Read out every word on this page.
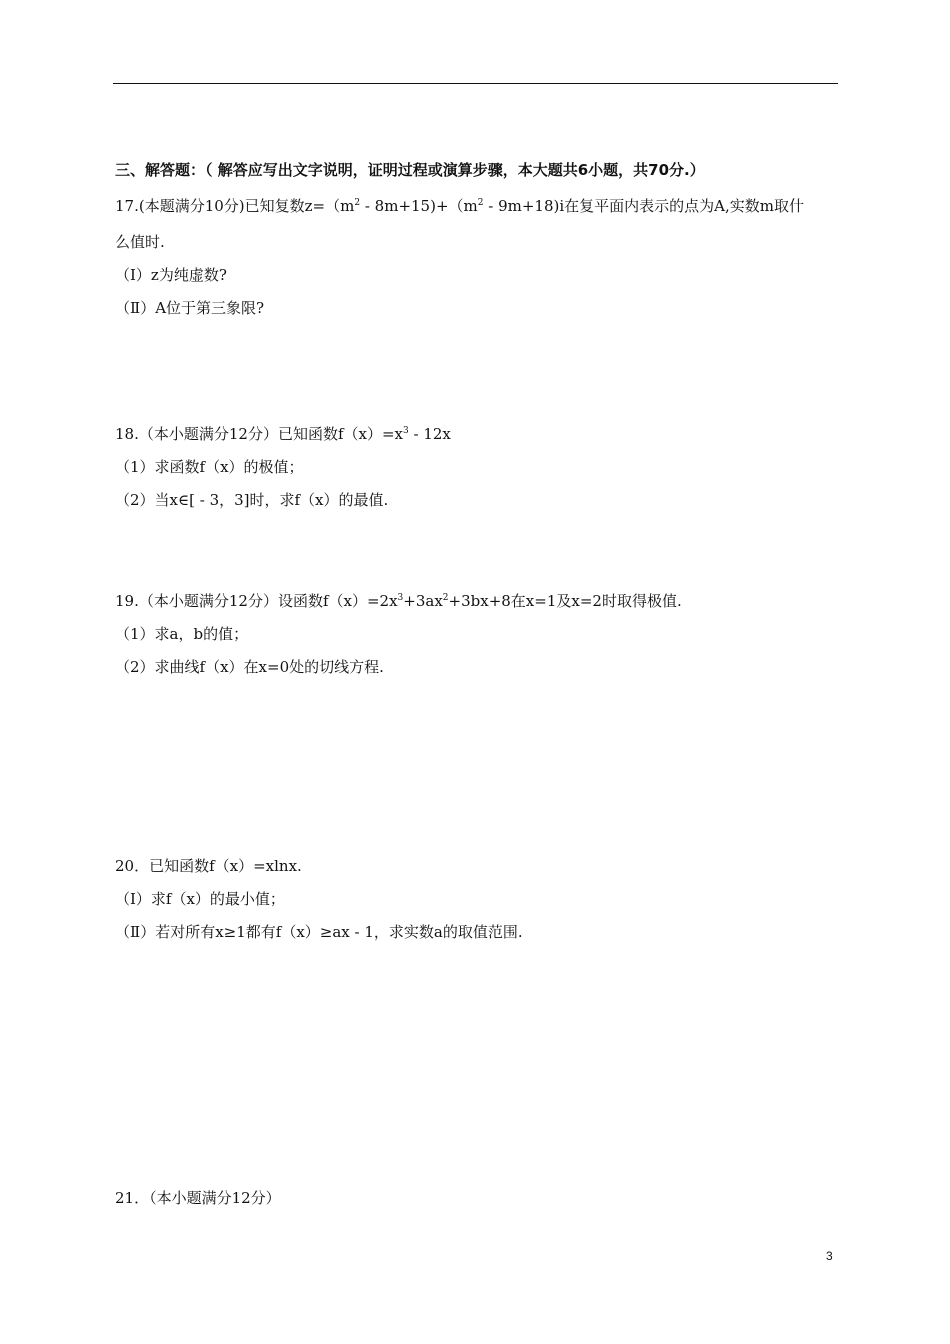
三、解答题：（ 解答应写出文字说明，证明过程或演算步骤，本大题共6小题，共70分.）
17.(本题满分10分)已知复数$z=(m^2 - 8m+15)+(m^2 - 9m+18)i$在复平面内表示的点为A,实数m取什
么值时.
（Ⅰ）z为纯虚数?
（Ⅱ）A位于第三象限?
18.（本小题满分12分）已知函数$f(x)=x^3 - 12x$
（1）求函数f（x）的极值；
（2）当x∈[ - 3，3]时，求f（x）的最值.
19.（本小题满分12分）设函数$f(x)=2x^3+3ax^2+3bx+8$在x=1及x=2时取得极值.
（1）求a，b的值；
（2）求曲线f（x）在x=0处的切线方程.
20．已知函数f（x）=xlnx.
（Ⅰ）求f（x）的最小值；
（Ⅱ）若对所有x≥1都有f（x）≥ax - 1，求实数a的取值范围.
21．（本小题满分12分）
3
